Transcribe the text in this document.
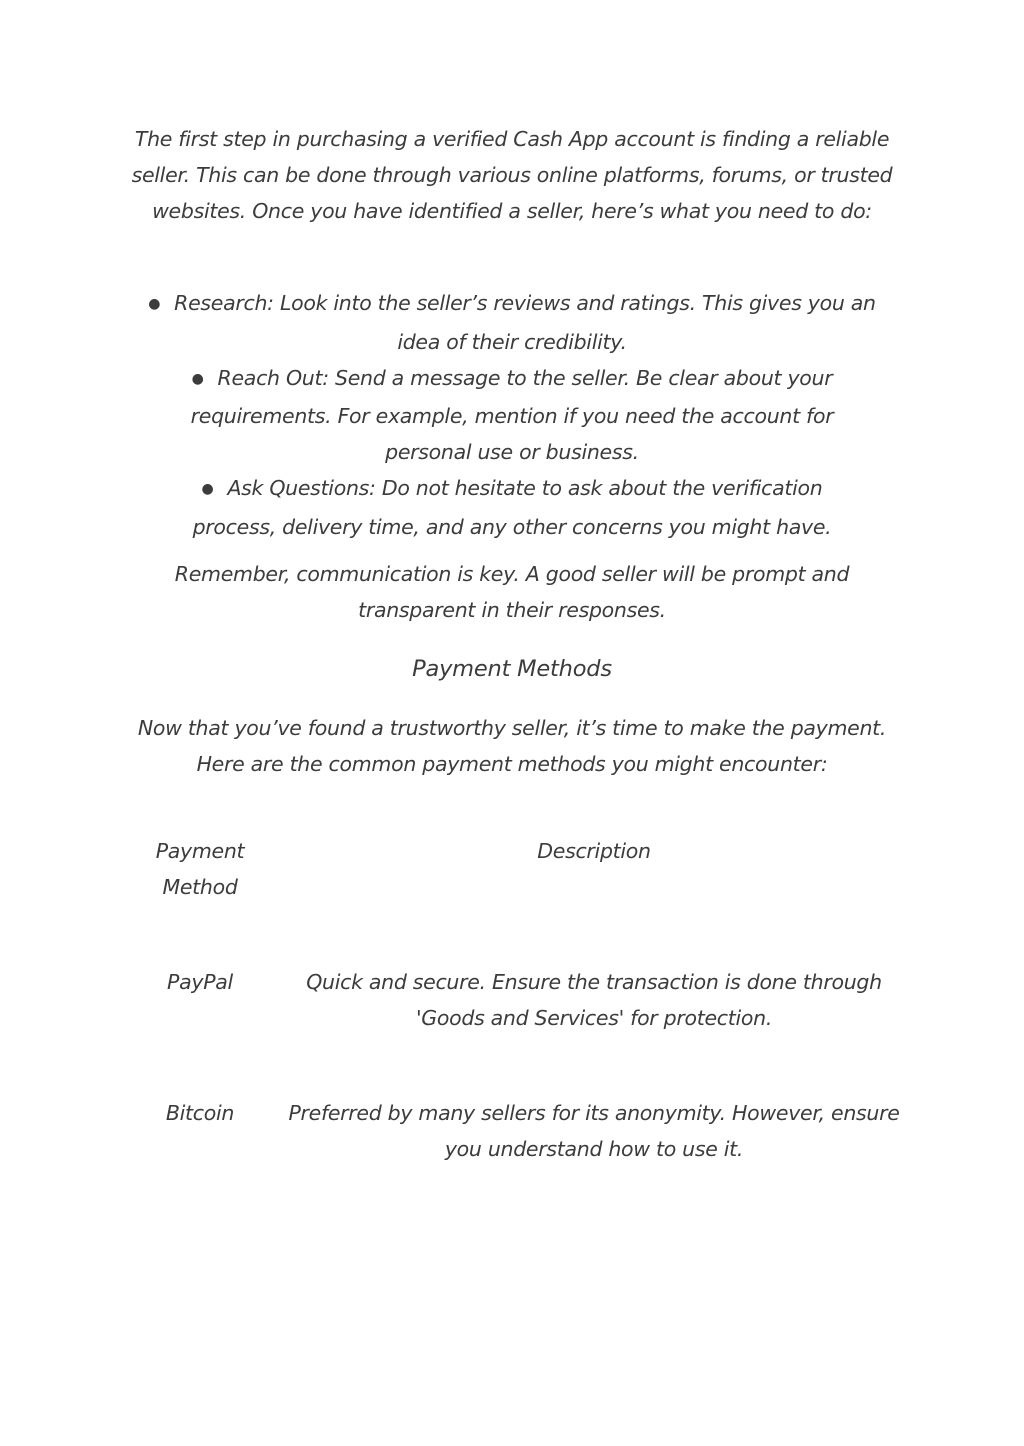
The first step in purchasing a verified Cash App account is finding a reliable seller. This can be done through various online platforms, forums, or trusted websites. Once you have identified a seller, here’s what you need to do:

● Research: Look into the seller’s reviews and ratings. This gives you an idea of their credibility.
● Reach Out: Send a message to the seller. Be clear about your requirements. For example, mention if you need the account for personal use or business.
● Ask Questions: Do not hesitate to ask about the verification process, delivery time, and any other concerns you might have.

Remember, communication is key. A good seller will be prompt and transparent in their responses.

Payment Methods

Now that you’ve found a trustworthy seller, it’s time to make the payment. Here are the common payment methods you might encounter:

Payment Method
Description
PayPal	Quick and secure. Ensure the transaction is done through 'Goods and Services' for protection.
Bitcoin	Preferred by many sellers for its anonymity. However, ensure you understand how to use it.
